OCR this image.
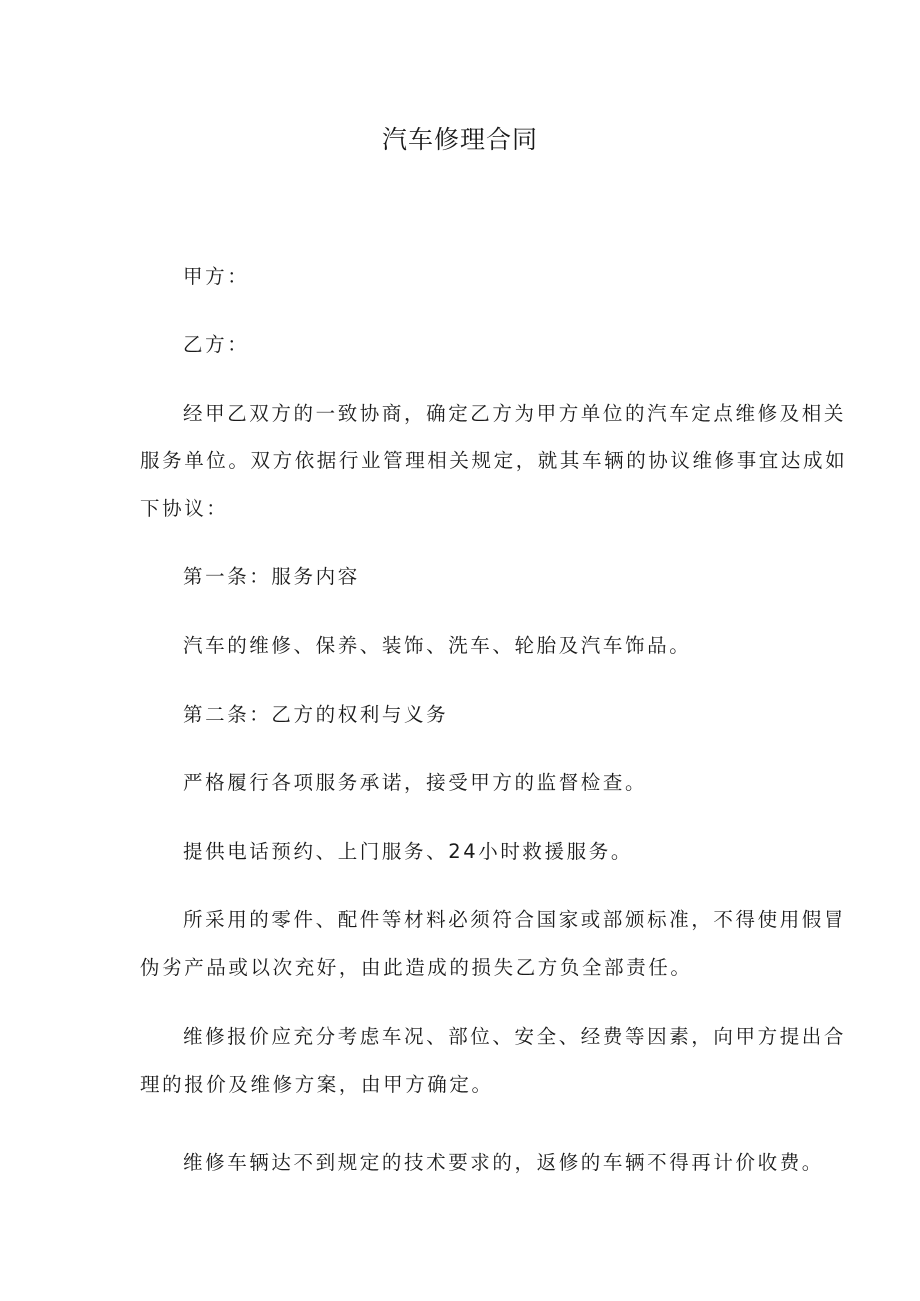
汽车修理合同
甲方：
乙方：
经甲乙双方的一致协商，确定乙方为甲方单位的汽车定点维修及相关
服务单位。双方依据行业管理相关规定，就其车辆的协议维修事宜达成如
下协议：
第一条：服务内容
汽车的维修、保养、装饰、洗车、轮胎及汽车饰品。
第二条：乙方的权利与义务
严格履行各项服务承诺，接受甲方的监督检查。
提供电话预约、上门服务、24小时救援服务。
所采用的零件、配件等材料必须符合国家或部颁标准，不得使用假冒
伪劣产品或以次充好，由此造成的损失乙方负全部责任。
维修报价应充分考虑车况、部位、安全、经费等因素，向甲方提出合
理的报价及维修方案，由甲方确定。
维修车辆达不到规定的技术要求的，返修的车辆不得再计价收费。
